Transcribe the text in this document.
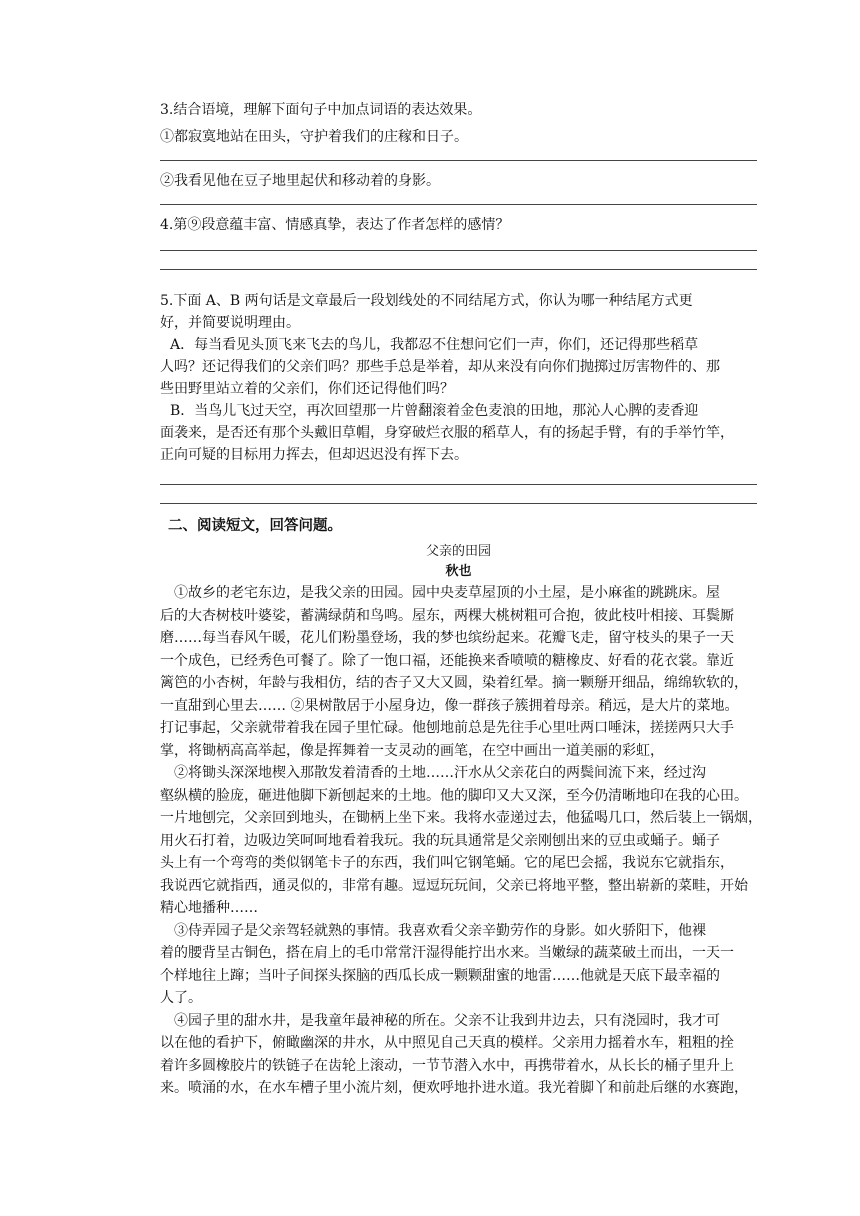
3.结合语境，理解下面句子中加点词语的表达效果。
①都寂寞地站在田头，守护着我们的庄稼和日子。
②我看见他在豆子地里起伏和移动着的身影。
4.第⑨段意蕴丰富、情感真挚，表达了作者怎样的感情？
5.下面 A、B 两句话是文章最后一段划线处的不同结尾方式，你认为哪一种结尾方式更
好，并简要说明理由。
A．每当看见头顶飞来飞去的鸟儿，我都忍不住想问它们一声，你们，还记得那些稻草
人吗？还记得我们的父亲们吗？那些手总是举着，却从来没有向你们抛掷过厉害物件的、那
些田野里站立着的父亲们，你们还记得他们吗？
B．当鸟儿飞过天空，再次回望那一片曾翻滚着金色麦浪的田地，那沁人心脾的麦香迎
面袭来，是否还有那个头戴旧草帽，身穿破烂衣服的稻草人，有的扬起手臂，有的手举竹竿，
正向可疑的目标用力挥去，但却迟迟没有挥下去。
二、阅读短文，回答问题。
父亲的田园
秋也
　①故乡的老宅东边，是我父亲的田园。园中央麦草屋顶的小土屋，是小麻雀的跳跳床。屋
后的大杏树枝叶婆娑，蓄满绿荫和鸟鸣。屋东，两棵大桃树粗可合抱，彼此枝叶相接、耳鬓厮
磨……每当春风午暖，花儿们粉墨登场，我的梦也缤纷起来。花瓣飞走，留守枝头的果子一天
一个成色，已经秀色可餐了。除了一饱口福，还能换来香喷喷的糖橡皮、好看的花衣裳。靠近
篱笆的小杏树，年龄与我相仿，结的杏子又大又圆，染着红晕。摘一颗掰开细品，绵绵软软的，
一直甜到心里去…… ②果树散居于小屋身边，像一群孩子簇拥着母亲。稍远，是大片的菜地。
打记事起，父亲就带着我在园子里忙碌。他刨地前总是先往手心里吐两口唾沫，搓搓两只大手
掌，将锄柄高高举起，像是挥舞着一支灵动的画笔，在空中画出一道美丽的彩虹，
　②将锄头深深地楔入那散发着清香的土地……汗水从父亲花白的两鬓间流下来，经过沟
壑纵横的脸庞，砸进他脚下新刨起来的土地。他的脚印又大又深，至今仍清晰地印在我的心田。
一片地刨完，父亲回到地头，在锄柄上坐下来。我将水壶递过去，他猛喝几口，然后装上一锅烟，
用火石打着，边吸边笑呵呵地看着我玩。我的玩具通常是父亲刚刨出来的豆虫或蛹子。蛹子
头上有一个弯弯的类似钢笔卡子的东西，我们叫它钢笔蛹。它的尾巴会摇，我说东它就指东，
我说西它就指西，通灵似的，非常有趣。逗逗玩玩间，父亲已将地平整，整出崭新的菜畦，开始
精心地播种……
　③侍弄园子是父亲驾轻就熟的事情。我喜欢看父亲辛勤劳作的身影。如火骄阳下，他裸
着的腰背呈古铜色，搭在肩上的毛巾常常汗湿得能拧出水来。当嫩绿的蔬菜破土而出，一天一
个样地往上蹿；当叶子间探头探脑的西瓜长成一颗颗甜蜜的地雷……他就是天底下最幸福的
人了。
　④园子里的甜水井，是我童年最神秘的所在。父亲不让我到井边去，只有浇园时，我才可
以在他的看护下，俯瞰幽深的井水，从中照见自己天真的模样。父亲用力摇着水车，粗粗的拴
着许多圆橡胶片的铁链子在齿轮上滚动，一节节潜入水中，再携带着水，从长长的桶子里升上
来。喷涌的水，在水车槽子里小流片刻，便欢呼地扑进水道。我光着脚丫和前赴后继的水赛跑，
